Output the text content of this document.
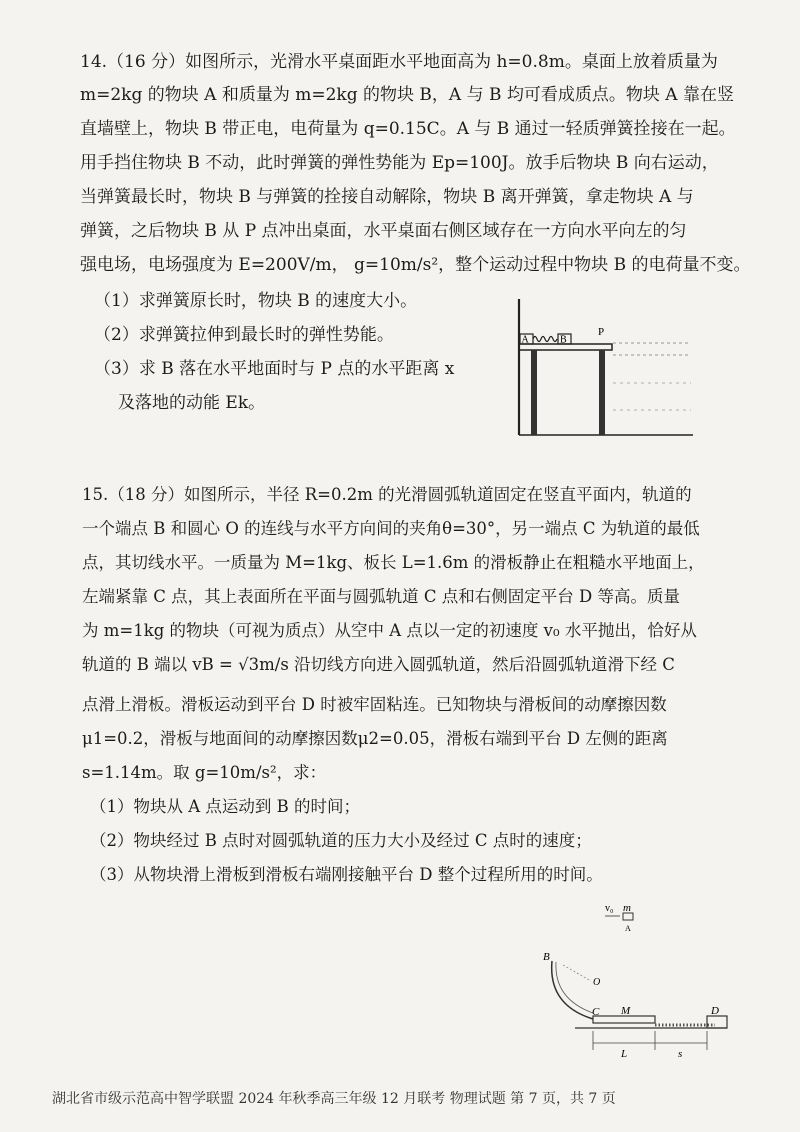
14.（16 分）如图所示，光滑水平桌面距水平地面高为 h=0.8m。桌面上放着质量为
m=2kg 的物块 A 和质量为 m=2kg 的物块 B，A 与 B 均可看成质点。物块 A 靠在竖
直墙壁上，物块 B 带正电，电荷量为 q=0.15C。A 与 B 通过一轻质弹簧拴接在一起。
用手挡住物块 B 不动，此时弹簧的弹性势能为 Ep=100J。放手后物块 B 向右运动，
当弹簧最长时，物块 B 与弹簧的拴接自动解除，物块 B 离开弹簧，拿走物块 A 与
弹簧，之后物块 B 从 P 点冲出桌面，水平桌面右侧区域存在一方向水平向左的匀
强电场，电场强度为 E=200V/m， g=10m/s²，整个运动过程中物块 B 的电荷量不变。
（1）求弹簧原长时，物块 B 的速度大小。
（2）求弹簧拉伸到最长时的弹性势能。
（3）求 B 落在水平地面时与 P 点的水平距离 x
及落地的动能 Ek。
A	B
P
15.（18 分）如图所示，半径 R=0.2m 的光滑圆弧轨道固定在竖直平面内，轨道的
一个端点 B 和圆心 O 的连线与水平方向间的夹角θ=30°，另一端点 C 为轨道的最低
点，其切线水平。一质量为 M=1kg、板长 L=1.6m 的滑板静止在粗糙水平地面上，
左端紧靠 C 点，其上表面所在平面与圆弧轨道 C 点和右侧固定平台 D 等高。质量
为 m=1kg 的物块（可视为质点）从空中 A 点以一定的初速度 v₀ 水平抛出，恰好从
轨道的 B 端以 vB = √3m/s 沿切线方向进入圆弧轨道，然后沿圆弧轨道滑下经 C
点滑上滑板。滑板运动到平台 D 时被牢固粘连。已知物块与滑板间的动摩擦因数
μ1=0.2，滑板与地面间的动摩擦因数μ2=0.05，滑板右端到平台 D 左侧的距离
s=1.14m。取 g=10m/s²，求：
（1）物块从 A 点运动到 B 的时间；
（2）物块经过 B 点时对圆弧轨道的压力大小及经过 C 点时的速度；
（3）从物块滑上滑板到滑板右端刚接触平台 D 整个过程所用的时间。
v₀ m
A
B
O
C M	D
L	s
湖北省市级示范高中智学联盟 2024 年秋季高三年级 12 月联考 物理试题 第 7 页，共 7 页
